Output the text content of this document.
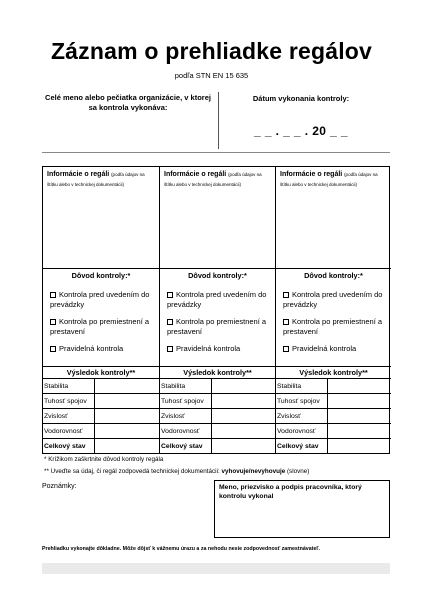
Záznam o prehliadke regálov
podľa STN EN 15 635
Celé meno alebo pečiatka organizácie, v ktorej sa kontrola vykonáva:
Dátum vykonania kontroly:
_ _ . _ _ . 20 _ _
Informácie o regáli (podľa údajov na
štítku alebo v technickej dokumentácii)
Dôvod kontroly:*
Kontrola pred uvedením do prevádzky
Kontrola po premiestnení a prestavení
Pravidelná kontrola
Výsledok kontroly**
Stabilita
Tuhosť spojov
Zvislosť
Vodorovnosť
Celkový stav
Informácie o regáli (podľa údajov na
štítku alebo v technickej dokumentácii)
Dôvod kontroly:*
Kontrola pred uvedením do prevádzky
Kontrola po premiestnení a prestavení
Pravidelná kontrola
Výsledok kontroly**
Stabilita
Tuhosť spojov
Zvislosť
Vodorovnosť
Celkový stav
Informácie o regáli (podľa údajov na
štítku alebo v technickej dokumentácii)
Dôvod kontroly:*
Kontrola pred uvedením do prevádzky
Kontrola po premiestnení a prestavení
Pravidelná kontrola
Výsledok kontroly**
Stabilita
Tuhosť spojov
Zvislosť
Vodorovnosť
Celkový stav
* Krížikom zaškrtnite dôvod kontroly regála
** Uveďte sa údaj, či regál zodpovedá technickej dokumentácii: vyhovuje/nevyhovuje (slovne)
Poznámky:	Meno, priezvisko a podpis pracovníka, ktorý kontrolu vykonal
Prehliadku vykonajte dôkladne. Môže dôjsť k vážnemu úrazu a za nehodu nesie zodpovednosť zamestnávateľ.
